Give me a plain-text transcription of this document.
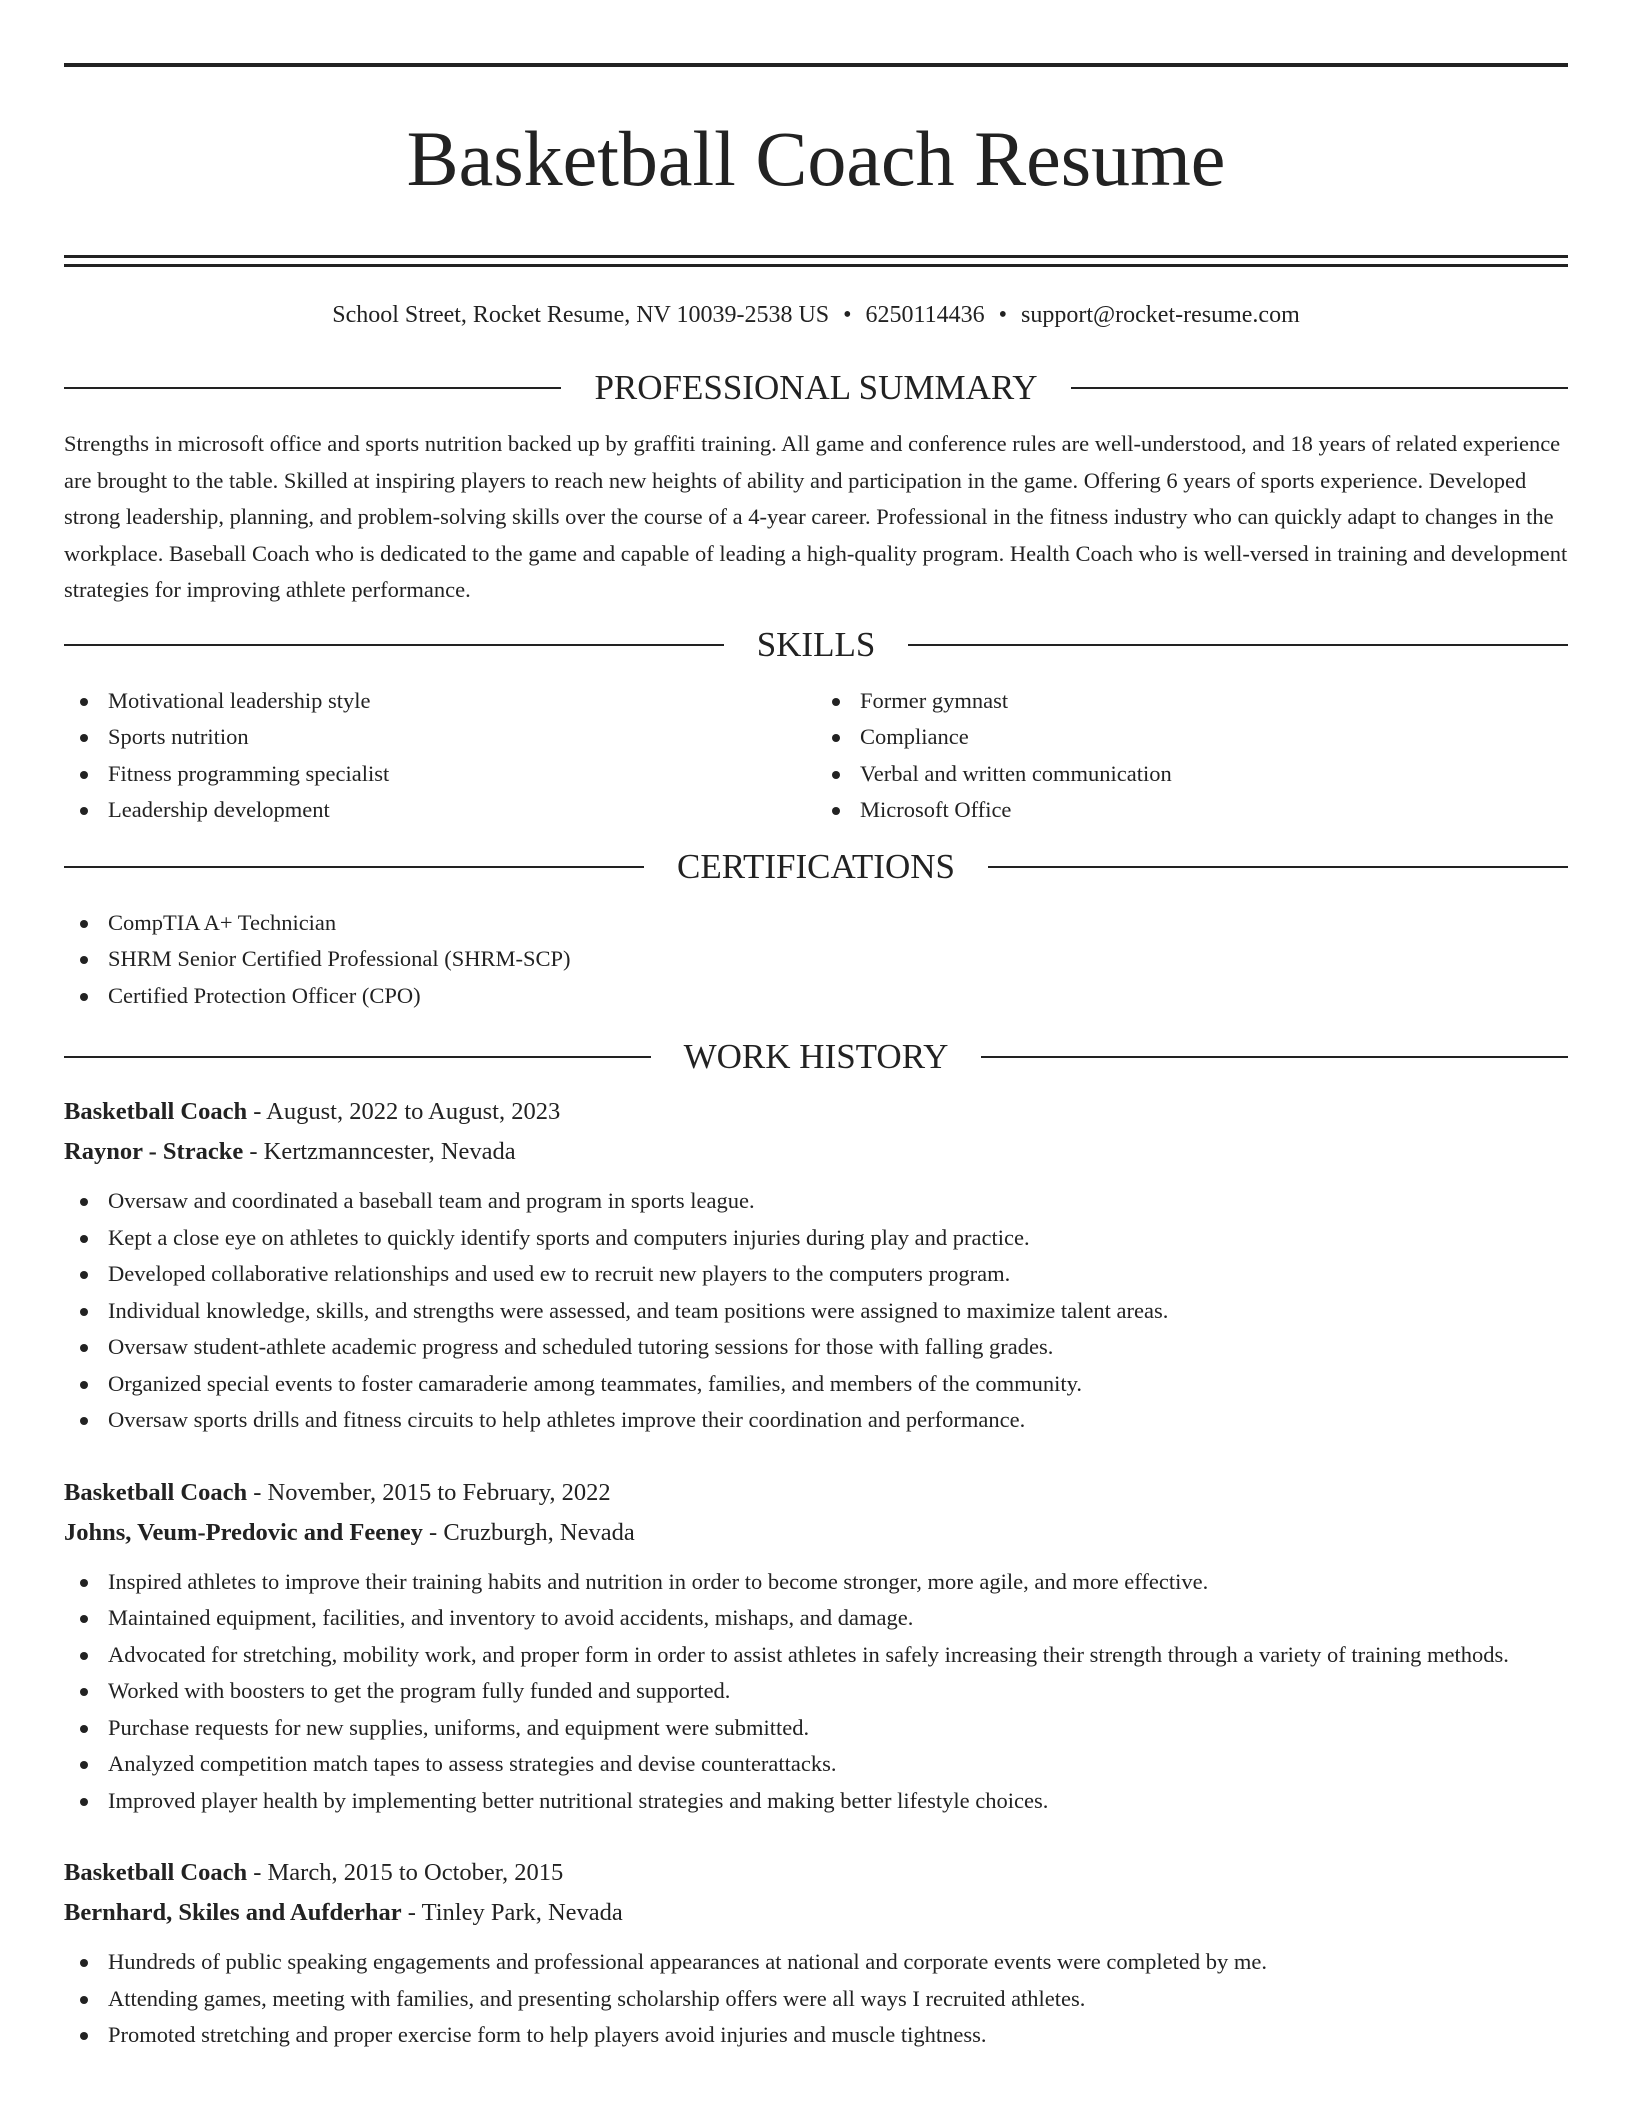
Basketball Coach Resume
School Street, Rocket Resume, NV 10039-2538 US • 6250114436 • support@rocket-resume.com
PROFESSIONAL SUMMARY

Strengths in microsoft office and sports nutrition backed up by graffiti training. All game and conference rules are well-understood, and 18 years of related experience are brought to the table. Skilled at inspiring players to reach new heights of ability and participation in the game. Offering 6 years of sports experience. Developed strong leadership, planning, and problem-solving skills over the course of a 4-year career. Professional in the fitness industry who can quickly adapt to changes in the workplace. Baseball Coach who is dedicated to the game and capable of leading a high-quality program. Health Coach who is well-versed in training and development strategies for improving athlete performance.

SKILLS
Motivational leadership style
Sports nutrition
Fitness programming specialist
Leadership development
Former gymnast
Compliance
Verbal and written communication
Microsoft Office
CERTIFICATIONS
CompTIA A+ Technician
SHRM Senior Certified Professional (SHRM-SCP)
Certified Protection Officer (CPO)
WORK HISTORY
Basketball Coach - August, 2022 to August, 2023
Raynor - Stracke - Kertzmanncester, Nevada
Oversaw and coordinated a baseball team and program in sports league.
Kept a close eye on athletes to quickly identify sports and computers injuries during play and practice.
Developed collaborative relationships and used ew to recruit new players to the computers program.
Individual knowledge, skills, and strengths were assessed, and team positions were assigned to maximize talent areas.
Oversaw student-athlete academic progress and scheduled tutoring sessions for those with falling grades.
Organized special events to foster camaraderie among teammates, families, and members of the community.
Oversaw sports drills and fitness circuits to help athletes improve their coordination and performance.
Basketball Coach - November, 2015 to February, 2022
Johns, Veum-Predovic and Feeney - Cruzburgh, Nevada
Inspired athletes to improve their training habits and nutrition in order to become stronger, more agile, and more effective.
Maintained equipment, facilities, and inventory to avoid accidents, mishaps, and damage.
Advocated for stretching, mobility work, and proper form in order to assist athletes in safely increasing their strength through a variety of training methods.
Worked with boosters to get the program fully funded and supported.
Purchase requests for new supplies, uniforms, and equipment were submitted.
Analyzed competition match tapes to assess strategies and devise counterattacks.
Improved player health by implementing better nutritional strategies and making better lifestyle choices.
Basketball Coach - March, 2015 to October, 2015
Bernhard, Skiles and Aufderhar - Tinley Park, Nevada
Hundreds of public speaking engagements and professional appearances at national and corporate events were completed by me.
Attending games, meeting with families, and presenting scholarship offers were all ways I recruited athletes.
Promoted stretching and proper exercise form to help players avoid injuries and muscle tightness.
